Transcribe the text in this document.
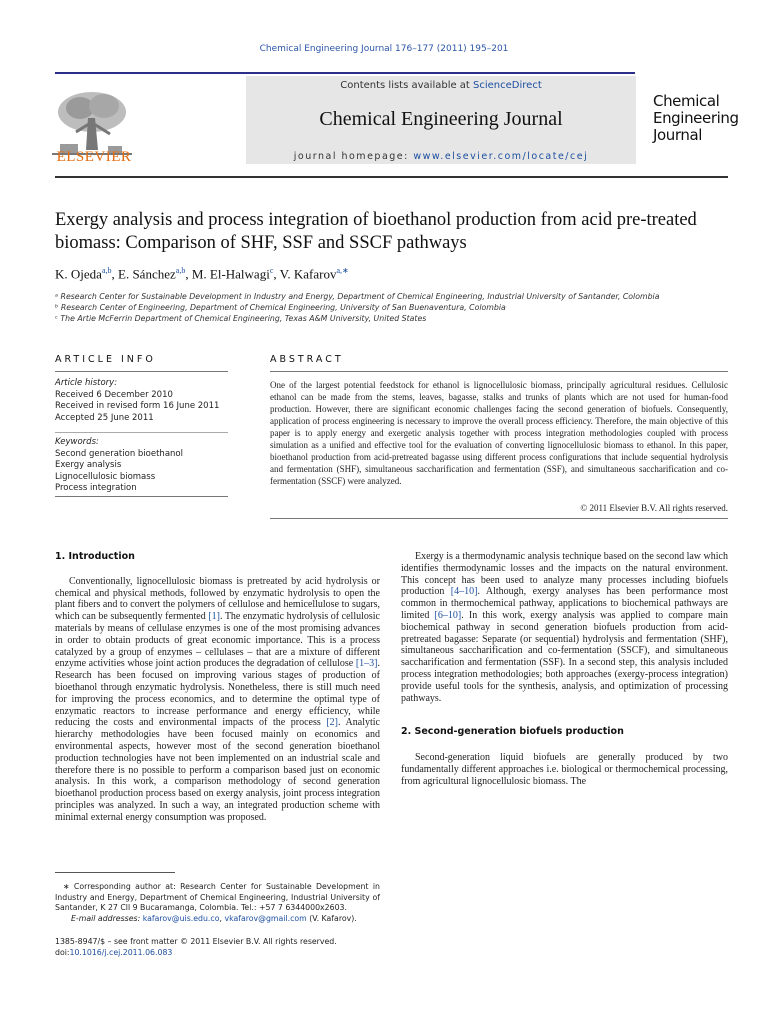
Chemical Engineering Journal 176–177 (2011) 195–201
Contents lists available at ScienceDirect
Chemical Engineering Journal
journal homepage: www.elsevier.com/locate/cej
ELSEVIER
Chemical
Engineering
Journal
Exergy analysis and process integration of bioethanol production from acid pre-treated biomass: Comparison of SHF, SSF and SSCF pathways
K. Ojeda$^{a,b}$, E. Sánchez$^{a,b}$, M. El-Halwagi$^c$, V. Kafarov$^{a,∗}$
ᵃ Research Center for Sustainable Development in Industry and Energy, Department of Chemical Engineering, Industrial University of Santander, Colombia
ᵇ Research Center of Engineering, Department of Chemical Engineering, University of San Buenaventura, Colombia
ᶜ The Artie McFerrin Department of Chemical Engineering, Texas A&M University, United States
ARTICLE INFO	ABSTRACT
Article history:
Received 6 December 2010
Received in revised form 16 June 2011
Accepted 25 June 2011
Keywords:
Second generation bioethanol
Exergy analysis
Lignocellulosic biomass
Process integration
One of the largest potential feedstock for ethanol is lignocellulosic biomass, principally agricultural residues. Cellulosic ethanol can be made from the stems, leaves, bagasse, stalks and trunks of plants which are not used for human-food production. However, there are significant economic challenges facing the second generation of biofuels. Consequently, application of process engineering is necessary to improve the overall process efficiency. Therefore, the main objective of this paper is to apply energy and exergetic analysis together with process integration methodologies coupled with process simulation as a unified and effective tool for the evaluation of converting lignocellulosic biomass to ethanol. In this paper, bioethanol production from acid-pretreated bagasse using different process configurations that include sequential hydrolysis and fermentation (SHF), simultaneous saccharification and fermentation (SSF), and simultaneous saccharification and co-fermentation (SSCF) were analyzed.
© 2011 Elsevier B.V. All rights reserved.
1. Introduction

Conventionally, lignocellulosic biomass is pretreated by acid hydrolysis or chemical and physical methods, followed by enzymatic hydrolysis to open the plant fibers and to convert the polymers of cellulose and hemicellulose to sugars, which can be subsequently fermented [1]. The enzymatic hydrolysis of cellulosic materials by means of cellulase enzymes is one of the most promising advances in order to obtain products of great economic importance. This is a process catalyzed by a group of enzymes – cellulases – that are a mixture of different enzyme activities whose joint action produces the degradation of cellulose [1–3]. Research has been focused on improving various stages of production of bioethanol through enzymatic hydrolysis. Nonetheless, there is still much need for improving the process economics, and to determine the optimal type of enzymatic reactors to increase performance and energy efficiency, while reducing the costs and environmental impacts of the process [2]. Analytic hierarchy methodologies have been focused mainly on economics and environmental aspects, however most of the second generation bioethanol production technologies have not been implemented on an industrial scale and therefore there is no possible to perform a comparison based just on economic analysis. In this work, a comparison methodology of second generation bioethanol production process based on exergy analysis, joint process integration principles was analyzed. In such a way, an integrated production scheme with minimal external energy consumption was proposed.

Exergy is a thermodynamic analysis technique based on the second law which identifies thermodynamic losses and the impacts on the natural environment. This concept has been used to analyze many processes including biofuels production [4–10]. Although, exergy analyses has been performance most common in thermochemical pathway, applications to biochemical pathways are limited [6–10]. In this work, exergy analysis was applied to compare main biochemical pathway in second generation biofuels production from acid-pretreated bagasse: Separate (or sequential) hydrolysis and fermentation (SHF), simultaneous saccharification and co-fermentation (SSCF), and simultaneous saccharification and fermentation (SSF). In a second step, this analysis included process integration methodologies; both approaches (exergy-process integration) provide useful tools for the synthesis, analysis, and optimization of processing pathways.

2. Second-generation biofuels production

Second-generation liquid biofuels are generally produced by two fundamentally different approaches i.e. biological or thermochemical processing, from agricultural lignocellulosic biomass. The

∗ Corresponding author at: Research Center for Sustainable Development in Industry and Energy, Department of Chemical Engineering, Industrial University of Santander, K 27 Cll 9 Bucaramanga, Colombia. Tel.: +57 7 6344000x2603.
E-mail addresses: kafarov@uis.edu.co, vkafarov@gmail.com (V. Kafarov).
1385-8947/$ – see front matter © 2011 Elsevier B.V. All rights reserved.
doi:10.1016/j.cej.2011.06.083
